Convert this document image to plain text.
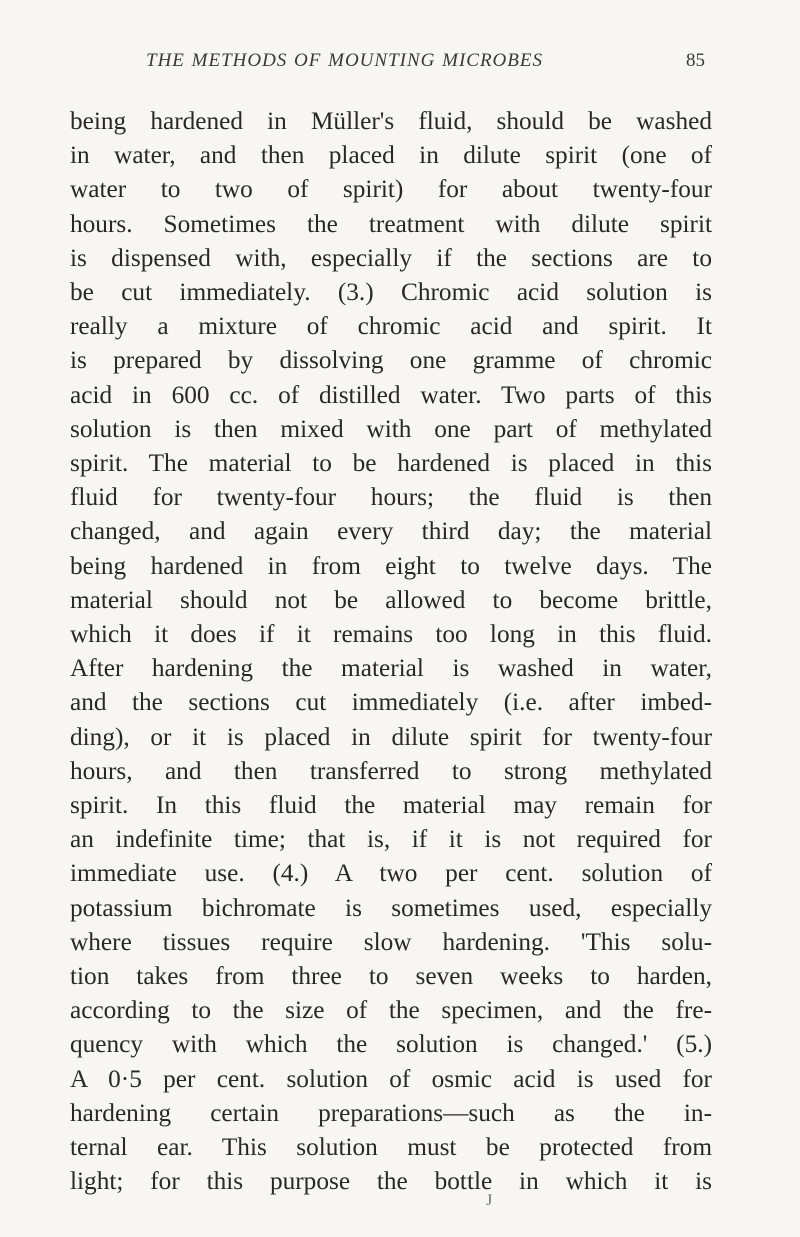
THE METHODS OF MOUNTING MICROBES	85
being hardened in Müller's fluid, should be washed
in water, and then placed in dilute spirit (one of
water to two of spirit) for about twenty-four
hours. Sometimes the treatment with dilute spirit
is dispensed with, especially if the sections are to
be cut immediately. (3.) Chromic acid solution is
really a mixture of chromic acid and spirit. It
is prepared by dissolving one gramme of chromic
acid in 600 cc. of distilled water. Two parts of this
solution is then mixed with one part of methylated
spirit. The material to be hardened is placed in this
fluid for twenty-four hours; the fluid is then
changed, and again every third day; the material
being hardened in from eight to twelve days. The
material should not be allowed to become brittle,
which it does if it remains too long in this fluid.
After hardening the material is washed in water,
and the sections cut immediately (i.e. after imbed-
ding), or it is placed in dilute spirit for twenty-four
hours, and then transferred to strong methylated
spirit. In this fluid the material may remain for
an indefinite time; that is, if it is not required for
immediate use. (4.) A two per cent. solution of
potassium bichromate is sometimes used, especially
where tissues require slow hardening. 'This solu-
tion takes from three to seven weeks to harden,
according to the size of the specimen, and the fre-
quency with which the solution is changed.' (5.)
A 0·5 per cent. solution of osmic acid is used for
hardening certain preparations—such as the in-
ternal ear. This solution must be protected from
light; for this purpose the bottle in which it is
J
